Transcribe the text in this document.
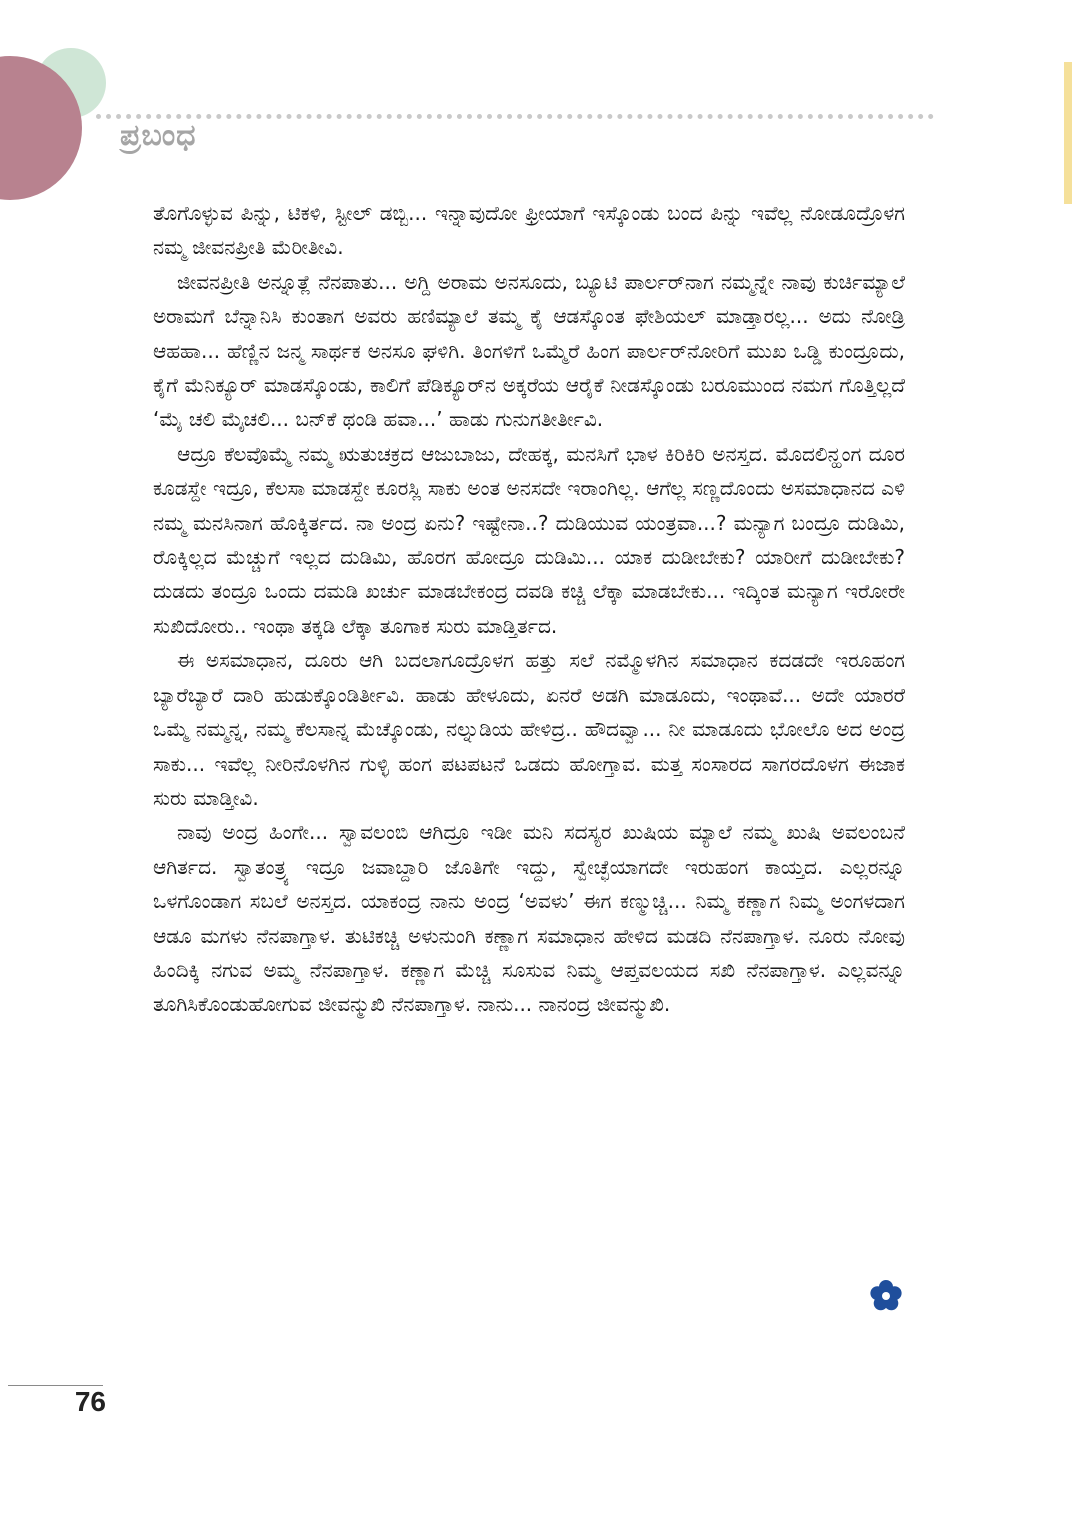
ಪ್ರಬಂಧ

ತೊಗೊಳ್ಳುವ ಪಿನ್ನು, ಟಿಕಳಿ, ಸ್ಟೀಲ್ ಡಬ್ಬಿ... ಇನ್ನಾವುದೋ ಫ್ರೀಯಾಗೆ ಇಸ್ಕೊಂಡು ಬಂದ ಪಿನ್ನು ಇವೆಲ್ಲ ನೋಡೂದ್ರೊಳಗ ನಮ್ಮ ಜೀವನಪ್ರೀತಿ ಮೆರೀತೀವಿ.

ಜೀವನಪ್ರೀತಿ ಅನ್ನೂತ್ಲೆ ನೆನಪಾತು... ಅಗ್ದಿ ಅರಾಮ ಅನಸೂದು, ಬ್ಯೂಟಿ ಪಾರ್ಲರ್‌ನಾಗ ನಮ್ಮನ್ನೇ ನಾವು ಕುರ್ಚಿಮ್ಯಾಲೆ ಅರಾಮಗೆ ಬೆನ್ನಾನಿಸಿ ಕುಂತಾಗ ಅವರು ಹಣಿಮ್ಯಾಲೆ ತಮ್ಮ ಕೈ ಆಡಸ್ಕೊಂತ ಫೇಶಿಯಲ್ ಮಾಡ್ತಾರಲ್ಲ... ಅದು ನೋಡ್ರಿ ಆಹಹಾ... ಹೆಣ್ಣಿನ ಜನ್ಮ ಸಾರ್ಥಕ ಅನಸೂ ಘಳಿಗಿ. ತಿಂಗಳಿಗೆ ಒಮ್ಮೆರೆ ಹಿಂಗ ಪಾರ್ಲರ್‌ನೋರಿಗೆ ಮುಖ ಒಡ್ಡಿ ಕುಂದ್ರೂದು, ಕೈಗೆ ಮೆನಿಕ್ಯೂರ್ ಮಾಡಸ್ಕೊಂಡು, ಕಾಲಿಗೆ ಪೆಡಿಕ್ಯೂರ್‌ನ ಅಕ್ಕರೆಯ ಆರೈಕೆ ನೀಡಸ್ಕೊಂಡು ಬರೂಮುಂದ ನಮಗ ಗೊತ್ತಿಲ್ಲದೆ ‘ಮೈ ಚಲಿ ಮೈಚಲಿ... ಬನ್‌ಕೆ ಥಂಡಿ ಹವಾ...’ ಹಾಡು ಗುನುಗತೀರ್ತೀವಿ.

ಆದ್ರೂ ಕೆಲವೊಮ್ಮೆ ನಮ್ಮ ಋತುಚಕ್ರದ ಆಜುಬಾಜು, ದೇಹಕ್ಕ, ಮನಸಿಗೆ ಭಾಳ ಕಿರಿಕಿರಿ ಅನಸ್ತದ. ಮೊದಲಿನ್ಹಂಗ ದೂರ ಕೂಡಸ್ದೇ ಇದ್ರೂ, ಕೆಲಸಾ ಮಾಡಸ್ದೇ ಕೂರಸ್ಲಿ ಸಾಕು ಅಂತ ಅನಸದೇ ಇರಾಂಗಿಲ್ಲ. ಆಗೆಲ್ಲ ಸಣ್ಣದೊಂದು ಅಸಮಾಧಾನದ ಎಳಿ ನಮ್ಮ ಮನಸಿನಾಗ ಹೊಕ್ಕಿರ್ತದ. ನಾ ಅಂದ್ರ ಏನು? ಇಷ್ಟೇನಾ..? ದುಡಿಯುವ ಯಂತ್ರವಾ...? ಮನ್ಯಾಗ ಬಂದ್ರೂ ದುಡಿಮಿ, ರೊಕ್ಕಿಲ್ಲದ ಮೆಚ್ಚುಗೆ ಇಲ್ಲದ ದುಡಿಮಿ, ಹೊರಗ ಹೋದ್ರೂ ದುಡಿಮಿ... ಯಾಕ ದುಡೀಬೇಕು? ಯಾರೀಗೆ ದುಡೀಬೇಕು? ದುಡದು ತಂದ್ರೂ ಒಂದು ದಮಡಿ ಖರ್ಚು ಮಾಡಬೇಕಂದ್ರ ದವಡಿ ಕಚ್ಚಿ ಲೆಕ್ಕಾ ಮಾಡಬೇಕು... ಇದ್ಕಿಂತ ಮನ್ಯಾಗ ಇರೋರೇ ಸುಖಿದೋರು.. ಇಂಥಾ ತಕ್ಕಡಿ ಲೆಕ್ಕಾ ತೂಗಾಕ ಸುರು ಮಾಡ್ತಿರ್ತದ.

ಈ ಅಸಮಾಧಾನ, ದೂರು ಆಗಿ ಬದಲಾಗೂದ್ರೊಳಗ ಹತ್ತು ಸಲೆ ನಮ್ಮೊಳಗಿನ ಸಮಾಧಾನ ಕದಡದೇ ಇರೂಹಂಗ ಬ್ಯಾರೆಬ್ಯಾರೆ ದಾರಿ ಹುಡುಕ್ಕೊಂಡಿರ್ತೀವಿ. ಹಾಡು ಹೇಳೂದು, ಏನರೆ ಅಡಗಿ ಮಾಡೂದು, ಇಂಥಾವೆ... ಅದೇ ಯಾರರೆ ಒಮ್ಮೆ ನಮ್ಮನ್ನ, ನಮ್ಮ ಕೆಲಸಾನ್ನ ಮೆಚ್ಕೊಂಡು, ನಲ್ನುಡಿಯ ಹೇಳಿದ್ರ.. ಹೌದವ್ವಾ... ನೀ ಮಾಡೂದು ಭೋಲೊ ಅದ ಅಂದ್ರ ಸಾಕು... ಇವೆಲ್ಲ ನೀರಿನೊಳಗಿನ ಗುಳ್ಳಿ ಹಂಗ ಪಟಪಟನೆ ಒಡದು ಹೋಗ್ತಾವ. ಮತ್ತ ಸಂಸಾರದ ಸಾಗರದೊಳಗ ಈಜಾಕ ಸುರು ಮಾಡ್ತೀವಿ.

ನಾವು ಅಂದ್ರ ಹಿಂಗೇ... ಸ್ವಾವಲಂಬಿ ಆಗಿದ್ರೂ ಇಡೀ ಮನಿ ಸದಸ್ಯರ ಖುಷಿಯ ಮ್ಯಾಲೆ ನಮ್ಮ ಖುಷಿ ಅವಲಂಬನೆ ಆಗಿರ್ತದ. ಸ್ವಾತಂತ್ರ್ಯ ಇದ್ರೂ ಜವಾಬ್ದಾರಿ ಜೊತಿಗೇ ಇದ್ದು, ಸ್ವೇಚ್ಛೆಯಾಗದೇ ಇರುಹಂಗ ಕಾಯ್ತದ. ಎಲ್ಲರನ್ನೂ ಒಳಗೊಂಡಾಗ ಸಬಲೆ ಅನಸ್ತದ. ಯಾಕಂದ್ರ ನಾನು ಅಂದ್ರ ‘ಅವಳು’ ಈಗ ಕಣ್ಮುಚ್ಚಿ... ನಿಮ್ಮ ಕಣ್ಣಾಗ ನಿಮ್ಮ ಅಂಗಳದಾಗ ಆಡೂ ಮಗಳು ನೆನಪಾಗ್ತಾಳ. ತುಟಿಕಚ್ಚಿ ಅಳುನುಂಗಿ ಕಣ್ಣಾಗ ಸಮಾಧಾನ ಹೇಳಿದ ಮಡದಿ ನೆನಪಾಗ್ತಾಳ. ನೂರು ನೋವು ಹಿಂದಿಕ್ಕಿ ನಗುವ ಅಮ್ಮ ನೆನಪಾಗ್ತಾಳ. ಕಣ್ಣಾಗ ಮೆಚ್ಚಿ ಸೂಸುವ ನಿಮ್ಮ ಆಪ್ತವಲಯದ ಸಖಿ ನೆನಪಾಗ್ತಾಳ. ಎಲ್ಲವನ್ನೂ ತೂಗಿಸಿಕೊಂಡುಹೋಗುವ ಜೀವನ್ಮುಖಿ ನೆನಪಾಗ್ತಾಳ. ನಾನು... ನಾನಂದ್ರ ಜೀವನ್ಮುಖಿ.

76
